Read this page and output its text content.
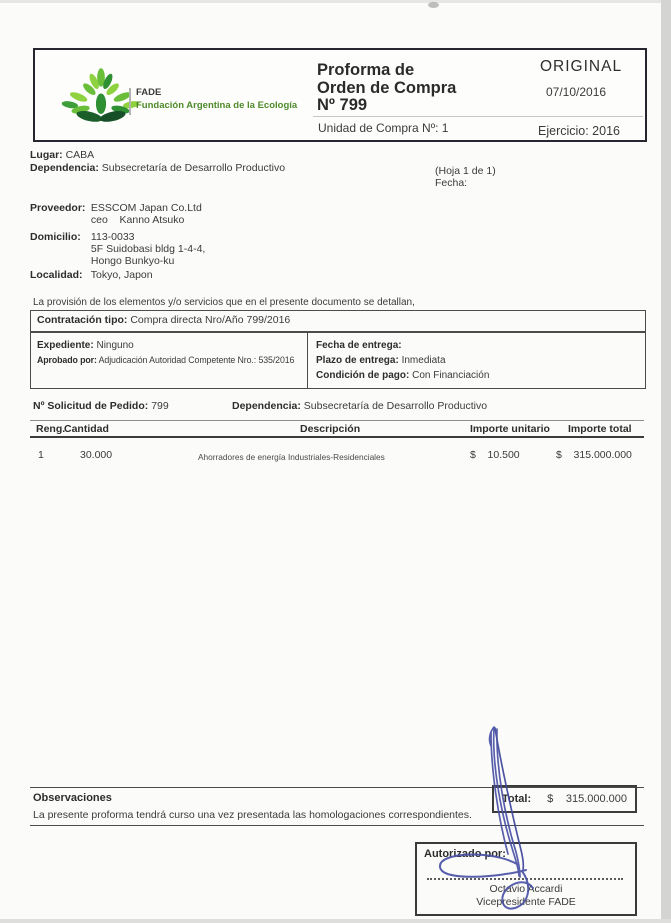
FADE
Fundación Argentina de la Ecología
Proforma de
Orden de Compra
Nº 799
Unidad de Compra Nº: 1
ORIGINAL
07/10/2016
Ejercicio: 2016
Lugar: CABA
Dependencia: Subsecretaría de Desarrollo Productivo	(Hoja 1 de 1)
Fecha:
Proveedor: ESSCOM Japan Co.Ltd
ceo    Kanno Atsuko
Domicilio: 113-0033
5F Suidobasi bldg 1-4-4,
Hongo Bunkyo-ku
Localidad: Tokyo, Japon
La provisión de los elementos y/o servicios que en el presente documento se detallan,
Contratación tipo: Compra directa Nro/Año 799/2016
Expediente: Ninguno
Aprobado por: Adjudicación Autoridad Competente Nro.: 535/2016
Fecha de entrega:
Plazo de entrega: Inmediata
Condición de pago: Con Financiación
Nº Solicitud de Pedido: 799	Dependencia: Subsecretaría de Desarrollo Productivo
Reng.
Cantidad	Descripción	Importe unitario Importe total
1	30.000	Ahorradores de energía Industriales-Residenciales	$    10.500	$    315.000.000
Total: $ 315.000.000
Observaciones
La presente proforma tendrá curso una vez presentada las homologaciones correspondientes.
Autorizado por:
Octavio Accardi
Vicepresidente FADE
